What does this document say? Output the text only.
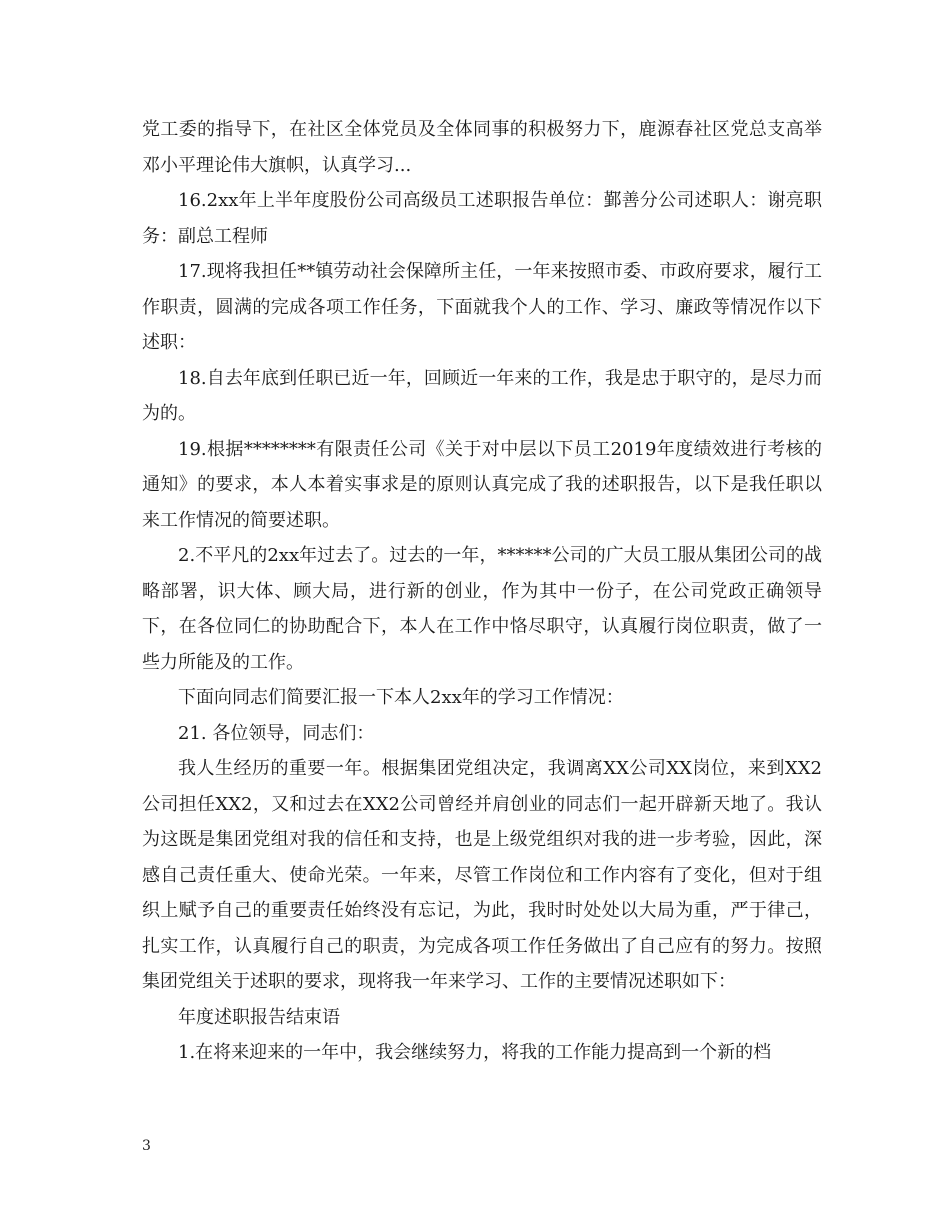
党工委的指导下，在社区全体党员及全体同事的积极努力下，鹿源春社区党总支高举邓小平理论伟大旗帜，认真学习...

16.2xx年上半年度股份公司高级员工述职报告单位：鄞善分公司述职人：谢亮职务：副总工程师

17.现将我担任**镇劳动社会保障所主任，一年来按照市委、市政府要求，履行工作职责，圆满的完成各项工作任务，下面就我个人的工作、学习、廉政等情况作以下述职：

18.自去年底到任职已近一年，回顾近一年来的工作，我是忠于职守的，是尽力而为的。

19.根据********有限责任公司《关于对中层以下员工2019年度绩效进行考核的通知》的要求，本人本着实事求是的原则认真完成了我的述职报告，以下是我任职以来工作情况的简要述职。

2.不平凡的2xx年过去了。过去的一年，******公司的广大员工服从集团公司的战略部署，识大体、顾大局，进行新的创业，作为其中一份子，在公司党政正确领导下，在各位同仁的协助配合下，本人在工作中恪尽职守，认真履行岗位职责，做了一些力所能及的工作。

下面向同志们简要汇报一下本人2xx年的学习工作情况：

21. 各位领导，同志们：

我人生经历的重要一年。根据集团党组决定，我调离XX公司XX岗位，来到XX2公司担任XX2，又和过去在XX2公司曾经并肩创业的同志们一起开辟新天地了。我认为这既是集团党组对我的信任和支持，也是上级党组织对我的进一步考验，因此，深感自己责任重大、使命光荣。一年来，尽管工作岗位和工作内容有了变化，但对于组织上赋予自己的重要责任始终没有忘记，为此，我时时处处以大局为重，严于律己，扎实工作，认真履行自己的职责，为完成各项工作任务做出了自己应有的努力。按照集团党组关于述职的要求，现将我一年来学习、工作的主要情况述职如下：

年度述职报告结束语

1.在将来迎来的一年中，我会继续努力，将我的工作能力提高到一个新的档

3
